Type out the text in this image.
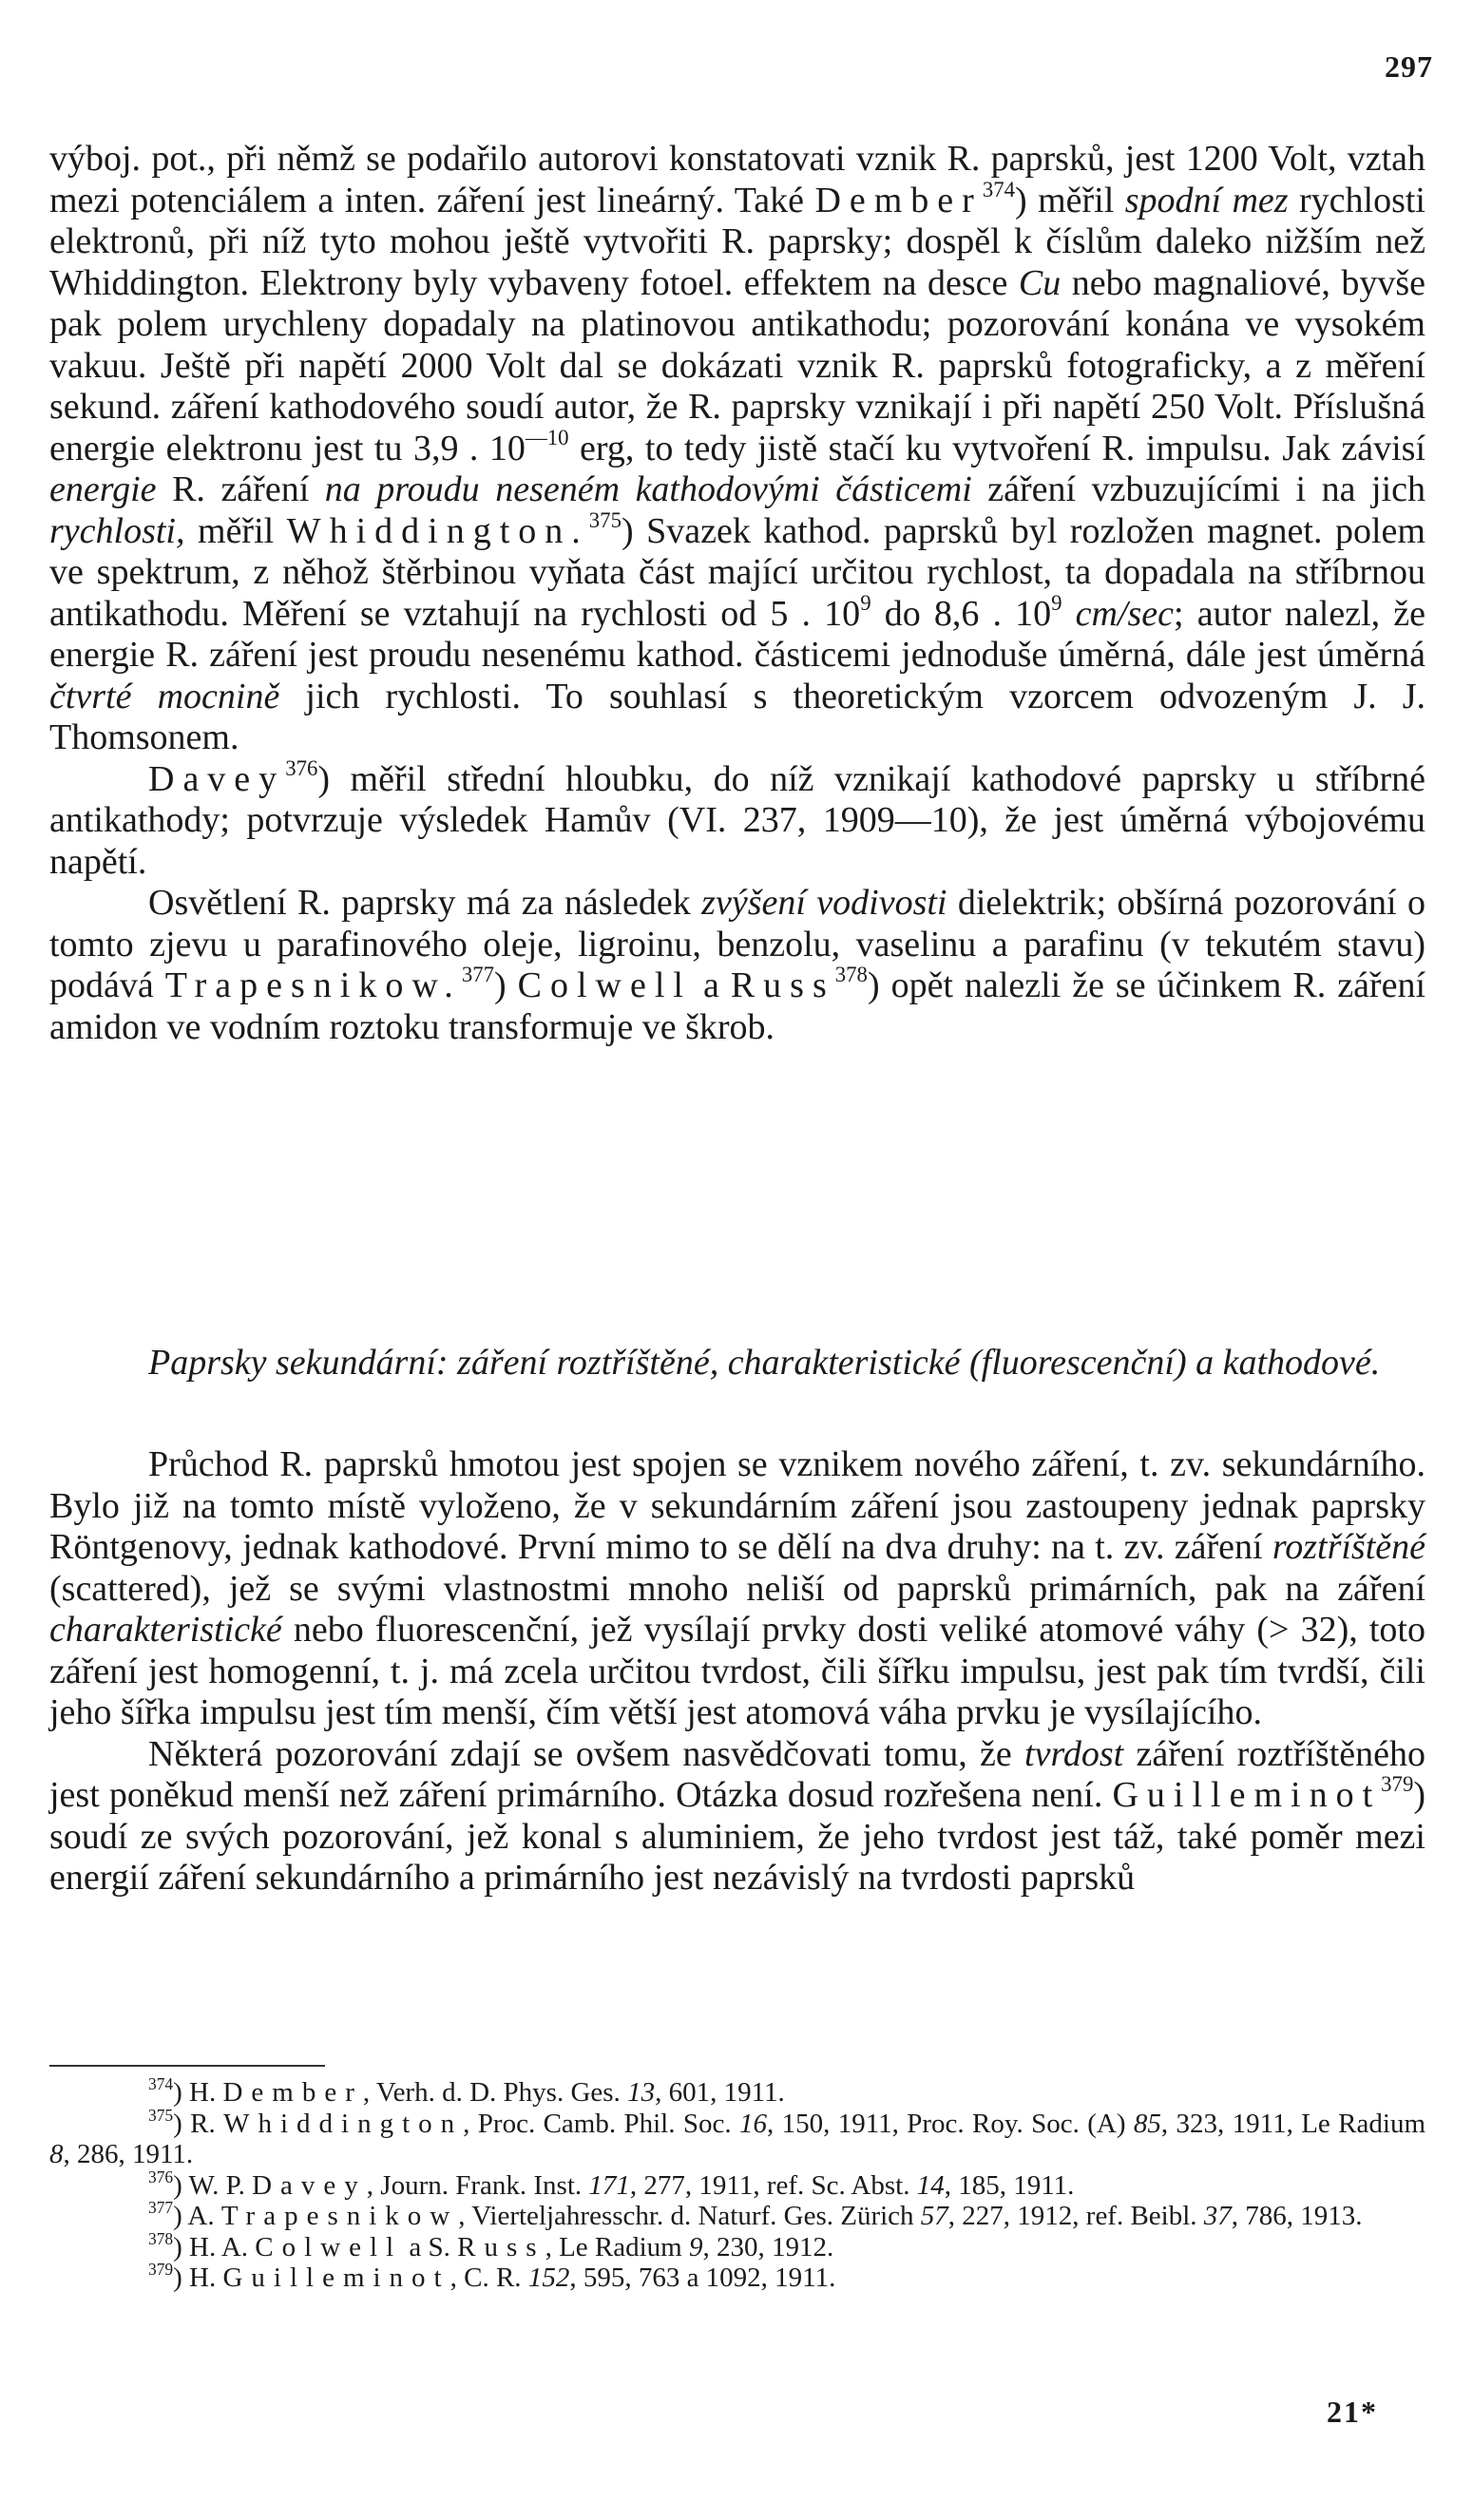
297

výboj. pot., při němž se podařilo autorovi konstatovati vznik R. paprsků, jest 1200 Volt, vztah mezi potenciálem a inten. záření jest lineárný. Také Dember$^{374}$) měřil spodní mez rychlosti elektronů, při níž tyto mohou ještě vytvořiti R. paprsky; dospěl k číslům daleko nižším než Whiddington. Elektrony byly vybaveny fotoel. effektem na desce Cu nebo magnaliové, byvše pak polem urychleny dopadaly na platinovou antikathodu; pozorování konána ve vysokém vakuu. Ještě při napětí 2000 Volt dal se dokázati vznik R. paprsků fotograficky, a z měření sekund. záření kathodového soudí autor, že R. paprsky vznikají i při napětí 250 Volt. Příslušná energie elektronu jest tu 3,9 . $10^{—10}$ erg, to tedy jistě stačí ku vytvoření R. impulsu. Jak závisí energie R. záření na proudu neseném kathodovými částicemi záření vzbuzujícími i na jich rychlosti, měřil Whiddington.$^{375}$) Svazek kathod. paprsků byl rozložen magnet. polem ve spektrum, z něhož štěrbinou vyňata část mající určitou rychlost, ta dopadala na stříbrnou antikathodu. Měření se vztahují na rychlosti od 5 . $10^9$ do 8,6 . $10^9$ cm/sec; autor nalezl, že energie R. záření jest proudu nesenému kathod. částicemi jednoduše úměrná, dále jest úměrná čtvrté mocnině jich rychlosti. To souhlasí s theoretickým vzorcem odvozeným J. J. Thomsonem.

Davey$^{376}$) měřil střední hloubku, do níž vznikají kathodové paprsky u stříbrné antikathody; potvrzuje výsledek Hamův (VI. 237, 1909—10), že jest úměrná výbojovému napětí.

Osvětlení R. paprsky má za následek zvýšení vodivosti dielektrik; obšírná pozorování o tomto zjevu u parafinového oleje, ligroinu, benzolu, vaselinu a parafinu (v tekutém stavu) podává Trapesnikow.$^{377}$) Colwell a Russ$^{378}$) opět nalezli že se účinkem R. záření amidon ve vodním roztoku transformuje ve škrob.

Paprsky sekundární: záření roztříštěné, charakteristické (fluorescenční) a kathodové.

Průchod R. paprsků hmotou jest spojen se vznikem nového záření, t. zv. sekundárního. Bylo již na tomto místě vyloženo, že v sekundárním záření jsou zastoupeny jednak paprsky Röntgenovy, jednak kathodové. První mimo to se dělí na dva druhy: na t. zv. záření roztříštěné (scattered), jež se svými vlastnostmi mnoho neliší od paprsků primárních, pak na záření charakteristické nebo fluorescenční, jež vysílají prvky dosti veliké atomové váhy (> 32), toto záření jest homogenní, t. j. má zcela určitou tvrdost, čili šířku impulsu, jest pak tím tvrdší, čili jeho šířka impulsu jest tím menší, čím větší jest atomová váha prvku je vysílajícího.

Některá pozorování zdají se ovšem nasvědčovati tomu, že tvrdost záření roztříštěného jest poněkud menší než záření primárního. Otázka dosud rozřešena není. Guilleminot$^{379}$) soudí ze svých pozorování, jež konal s aluminiem, že jeho tvrdost jest táž, také poměr mezi energií záření sekundárního a primárního jest nezávislý na tvrdosti paprsků

$^{374}$) H. Dember, Verh. d. D. Phys. Ges. 13, 601, 1911.

$^{375}$) R. Whiddington, Proc. Camb. Phil. Soc. 16, 150, 1911, Proc. Roy. Soc. (A) 85, 323, 1911, Le Radium 8, 286, 1911.

$^{376}$) W. P. Davey, Journ. Frank. Inst. 171, 277, 1911, ref. Sc. Abst. 14, 185, 1911.

$^{377}$) A. Trapesnikow, Vierteljahresschr. d. Naturf. Ges. Zürich 57, 227, 1912, ref. Beibl. 37, 786, 1913.

$^{378}$) H. A. Colwell a S. Russ, Le Radium 9, 230, 1912.

$^{379}$) H. Guilleminot, C. R. 152, 595, 763 a 1092, 1911.

21*
